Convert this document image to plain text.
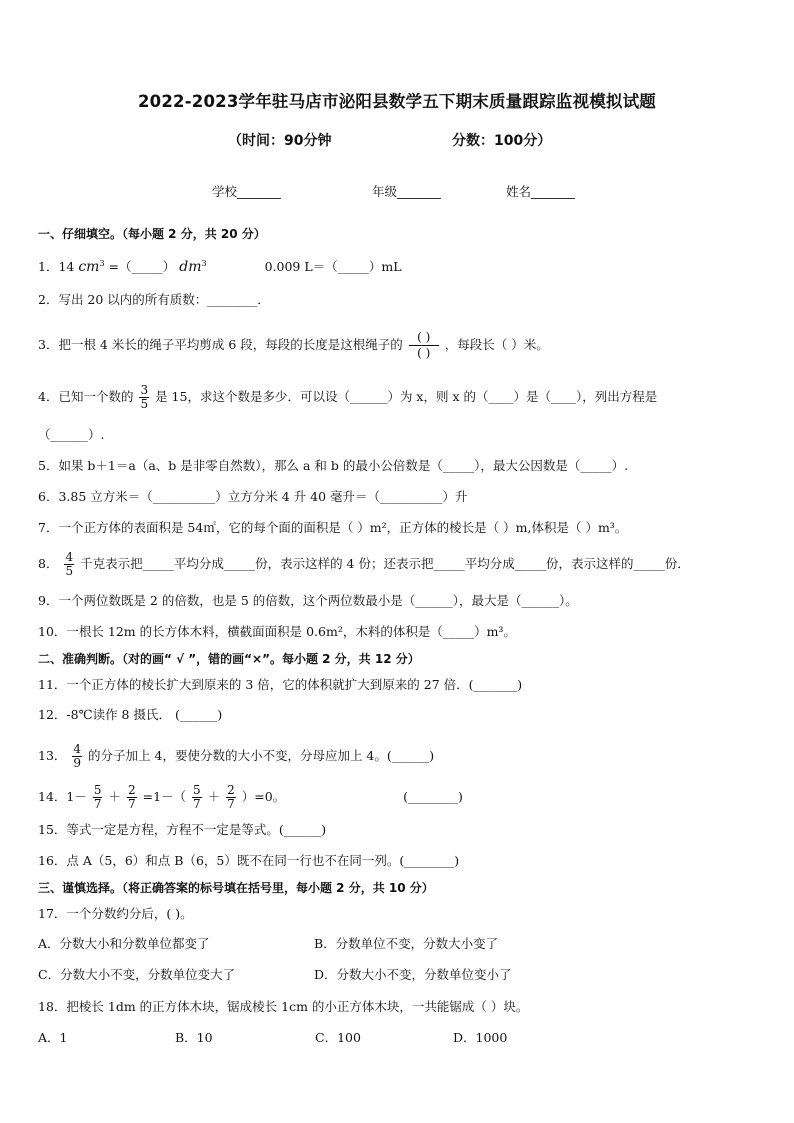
2022-2023学年驻马店市泌阳县数学五下期末质量跟踪监视模拟试题
（时间：90分钟	分数：100分）
学校_______	年级_______	姓名_______
一、仔细填空。（每小题 2 分，共 20 分）
1．14 $cm^3$ =（_____） $dm^3$	0.009 L＝（_____）mL
2．写出 20 以内的所有质数：________．
3．把一根 4 米长的绳子平均剪成 6 段，每段的长度是这根绳子的 ( )
( )
，每段长（ ）米。
4．已知一个数的 $\frac{3}{5}$ 是 15，求这个数是多少．可以设（______）为 x，则 x 的（____）是（____），列出方程是
（______）.
5．如果 b＋1＝a（a、b 是非零自然数），那么 a 和 b 的最小公倍数是（_____），最大公因数是（_____）.
6．3.85 立方米＝（__________）立方分米 4 升 40 毫升＝（__________）升
7．一个正方体的表面积是 54㎡，它的每个面的面积是（ ）m²，正方体的棱长是（ ）m,体积是（ ）m³。
8． $\frac{4}{5}$ 千克表示把_____平均分成_____份，表示这样的 4 份；还表示把_____平均分成_____份，表示这样的_____份．
9．一个两位数既是 2 的倍数，也是 5 的倍数，这个两位数最小是（______），最大是（______）。
10．一根长 12m 的长方体木料，横截面面积是 0.6m²，木料的体积是（_____）m³。
二、准确判断。（对的画“ √ ”，错的画“×”。每小题 2 分，共 12 分）
11．一个正方体的棱长扩大到原来的 3 倍，它的体积就扩大到原来的 27 倍．(_______)
12．-8℃读作 8 摄氏． (______)
13． $\frac{4}{9}$ 的分子加上 4，要使分数的大小不变，分母应加上 4。(______)
14．$1- \frac{5}{7} + \frac{2}{7} =1-( \frac{5}{7} + \frac{2}{7} )=0$。	(________)
15．等式一定是方程，方程不一定是等式。(______)
16．点 A（5，6）和点 B（6，5）既不在同一行也不在同一列。(________)
三、谨慎选择。（将正确答案的标号填在括号里，每小题 2 分，共 10 分）
17．一个分数约分后，( )。
A．分数大小和分数单位都变了	B．分数单位不变，分数大小变了
C．分数大小不变，分数单位变大了	D．分数大小不变，分数单位变小了
18．把棱长 1dm 的正方体木块，锯成棱长 1cm 的小正方体木块，一共能锯成（ ）块。
A．1	B．10	C．100	D．1000
